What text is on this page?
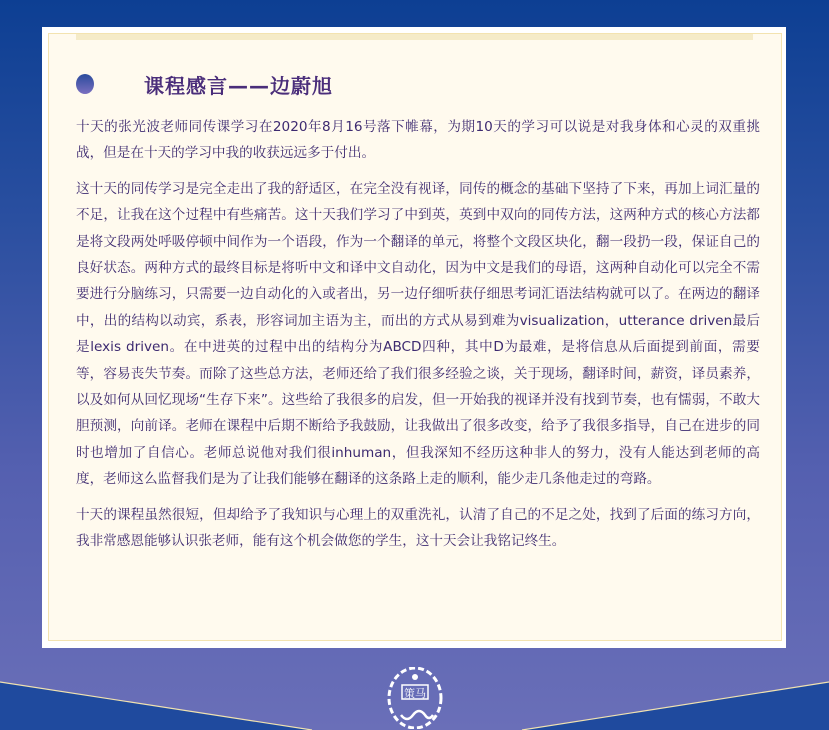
课程感言——边蔚旭

十天的张光波老师同传课学习在2020年8月16号落下帷幕，为期10天的学习可以说是对我身体和心灵的双重挑战，但是在十天的学习中我的收获远远多于付出。

这十天的同传学习是完全走出了我的舒适区，在完全没有视译，同传的概念的基础下坚持了下来，再加上词汇量的不足，让我在这个过程中有些痛苦。这十天我们学习了中到英，英到中双向的同传方法，这两种方式的核心方法都是将文段两处呼吸停顿中间作为一个语段，作为一个翻译的单元，将整个文段区块化，翻一段扔一段，保证自己的良好状态。两种方式的最终目标是将听中文和译中文自动化，因为中文是我们的母语，这两种自动化可以完全不需要进行分脑练习，只需要一边自动化的入或者出，另一边仔细听获仔细思考词汇语法结构就可以了。在两边的翻译中，出的结构以动宾，系表，形容词加主语为主，而出的方式从易到难为visualization，utterance driven最后是lexis driven。在中进英的过程中出的结构分为ABCD四种，其中D为最难，是将信息从后面提到前面，需要等，容易丧失节奏。而除了这些总方法，老师还给了我们很多经验之谈，关于现场，翻译时间，薪资，译员素养，以及如何从回忆现场“生存下来”。这些给了我很多的启发，但一开始我的视译并没有找到节奏，也有懦弱，不敢大胆预测，向前译。老师在课程中后期不断给予我鼓励，让我做出了很多改变，给予了我很多指导，自己在进步的同时也增加了自信心。老师总说他对我们很inhuman，但我深知不经历这种非人的努力，没有人能达到老师的高度，老师这么监督我们是为了让我们能够在翻译的这条路上走的顺利，能少走几条他走过的弯路。

十天的课程虽然很短，但却给予了我知识与心理上的双重洗礼，认清了自己的不足之处，找到了后面的练习方向，我非常感恩能够认识张老师，能有这个机会做您的学生，这十天会让我铭记终生。

策马
